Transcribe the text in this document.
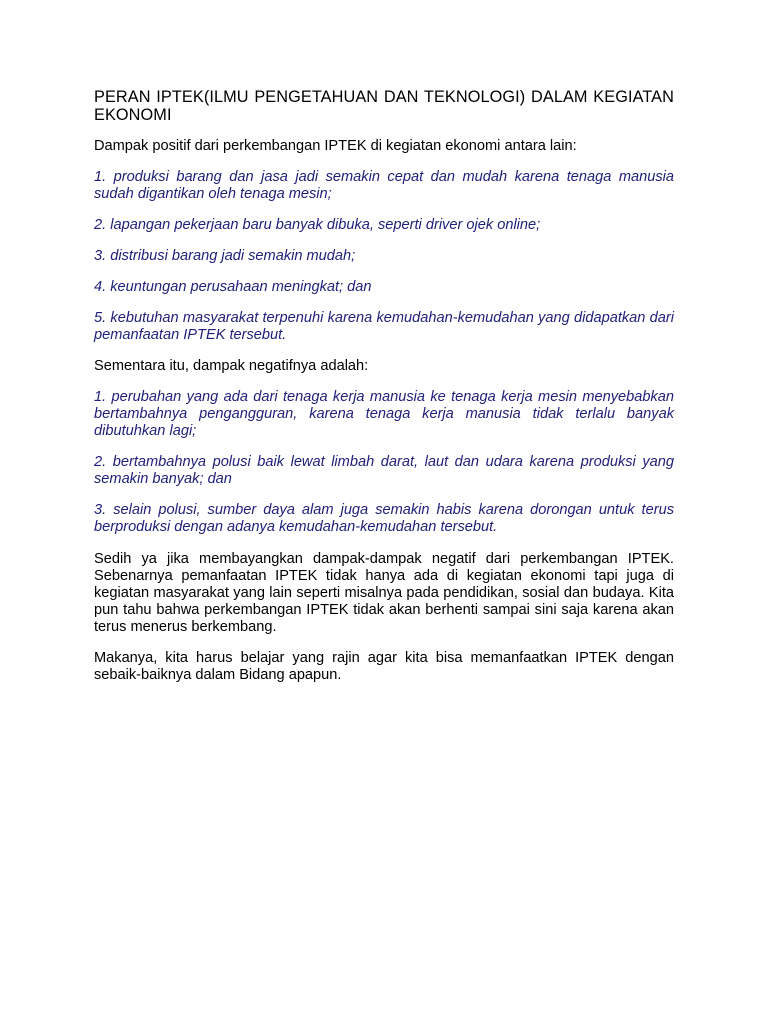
PERAN IPTEK(ILMU PENGETAHUAN DAN TEKNOLOGI) DALAM KEGIATAN EKONOMI

Dampak positif dari perkembangan IPTEK di kegiatan ekonomi antara lain:

1. produksi barang dan jasa jadi semakin cepat dan mudah karena tenaga manusia sudah digantikan oleh tenaga mesin;
2. lapangan pekerjaan baru banyak dibuka, seperti driver ojek online;
3. distribusi barang jadi semakin mudah;
4. keuntungan perusahaan meningkat; dan
5. kebutuhan masyarakat terpenuhi karena kemudahan-kemudahan yang didapatkan dari pemanfaatan IPTEK tersebut.

Sementara itu, dampak negatifnya adalah:

1. perubahan yang ada dari tenaga kerja manusia ke tenaga kerja mesin menyebabkan bertambahnya pengangguran, karena tenaga kerja manusia tidak terlalu banyak dibutuhkan lagi;
2. bertambahnya polusi baik lewat limbah darat, laut dan udara karena produksi yang semakin banyak; dan
3. selain polusi, sumber daya alam juga semakin habis karena dorongan untuk terus berproduksi dengan adanya kemudahan-kemudahan tersebut.

Sedih ya jika membayangkan dampak-dampak negatif dari perkembangan IPTEK. Sebenarnya pemanfaatan IPTEK tidak hanya ada di kegiatan ekonomi tapi juga di kegiatan masyarakat yang lain seperti misalnya pada pendidikan, sosial dan budaya. Kita pun tahu bahwa perkembangan IPTEK tidak akan berhenti sampai sini saja karena akan terus menerus berkembang.

Makanya, kita harus belajar yang rajin agar kita bisa memanfaatkan IPTEK dengan sebaik-baiknya dalam Bidang apapun.
